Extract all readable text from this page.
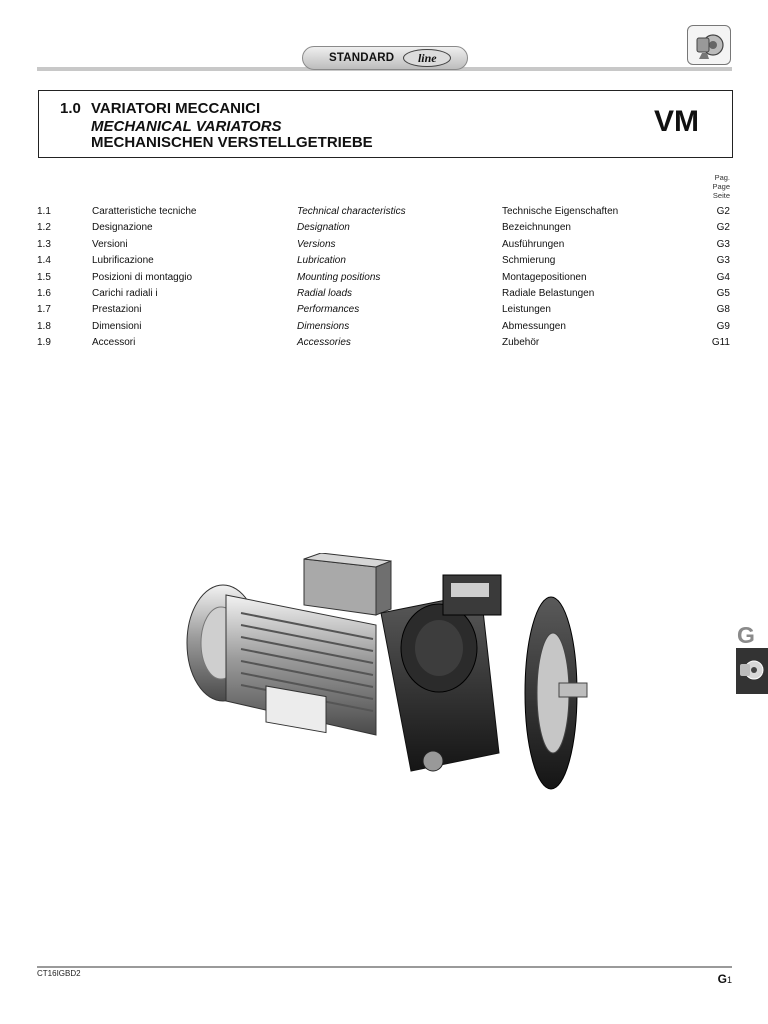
STANDARD line
1.0 VARIATORI MECCANICI
MECHANICAL VARIATORS
MECHANISCHEN VERSTELLGETRIEBE
VM
Pag.
Page
Seite
1.1	Caratteristiche tecniche	Technical characteristics	Technische Eigenschaften	G2
1.2	Designazione	Designation	Bezeichnungen	G2
1.3	Versioni	Versions	Ausführungen	G3
1.4	Lubrificazione	Lubrication	Schmierung	G3
1.5	Posizioni di montaggio	Mounting positions	Montagepositionen	G4
1.6	Carichi radiali i	Radial loads	Radiale Belastungen	G5
1.7	Prestazioni	Performances	Leistungen	G8
1.8	Dimensioni	Dimensions	Abmessungen	G9
1.9	Accessori	Accessories	Zubehör	G11
G
CT16IGBD2	G1
